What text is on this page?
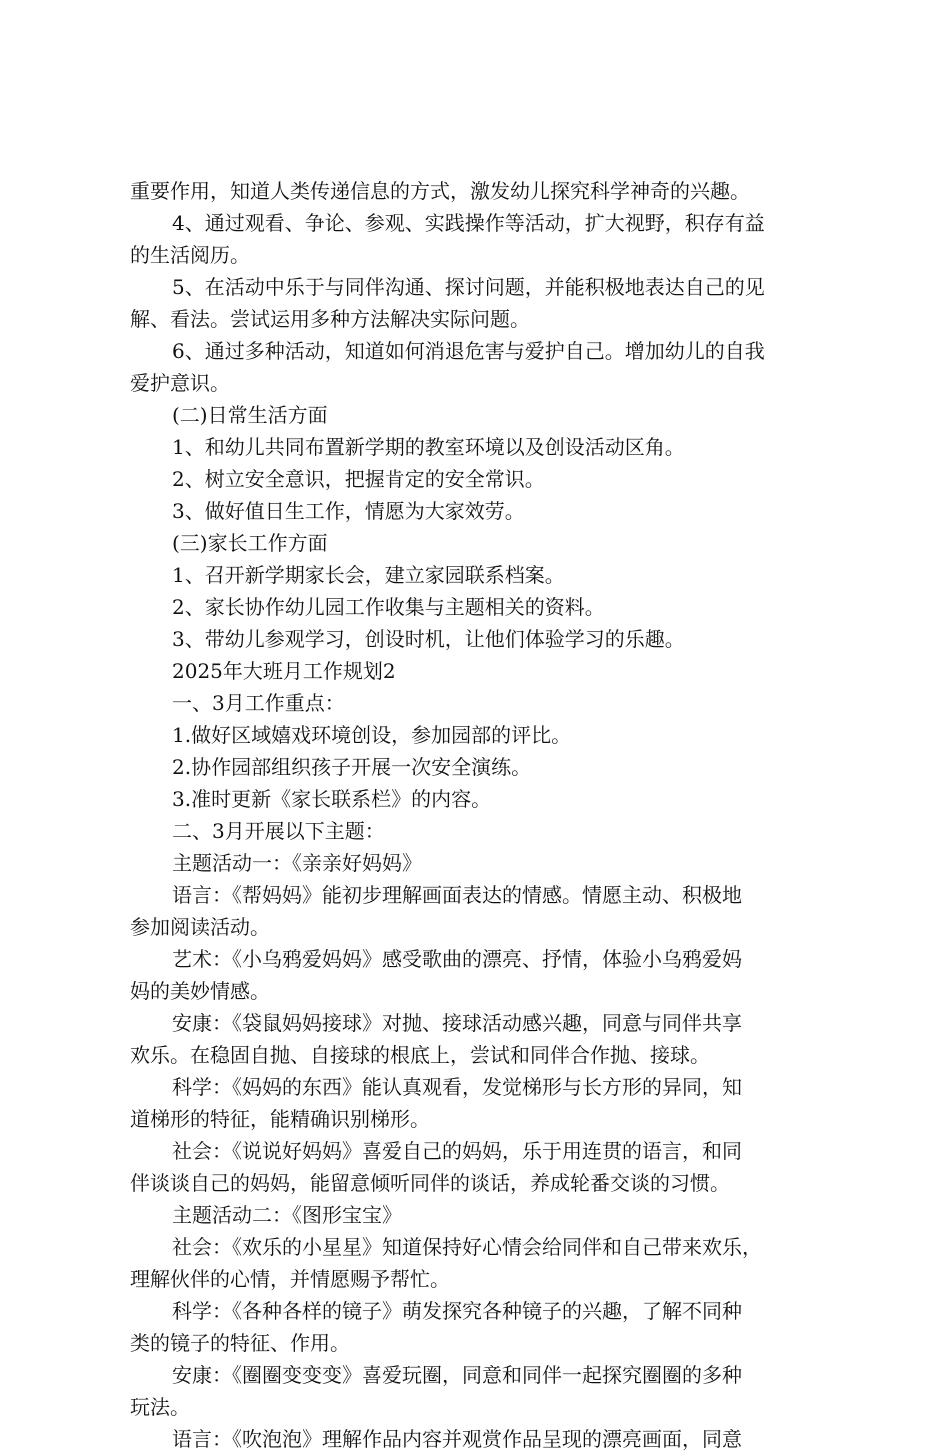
重要作用，知道人类传递信息的方式，激发幼儿探究科学神奇的兴趣。
4、通过观看、争论、参观、实践操作等活动，扩大视野，积存有益
的生活阅历。
5、在活动中乐于与同伴沟通、探讨问题，并能积极地表达自己的见
解、看法。尝试运用多种方法解决实际问题。
6、通过多种活动，知道如何消退危害与爱护自己。增加幼儿的自我
爱护意识。
(二)日常生活方面
1、和幼儿共同布置新学期的教室环境以及创设活动区角。
2、树立安全意识，把握肯定的安全常识。
3、做好值日生工作，情愿为大家效劳。
(三)家长工作方面
1、召开新学期家长会，建立家园联系档案。
2、家长协作幼儿园工作收集与主题相关的资料。
3、带幼儿参观学习，创设时机，让他们体验学习的乐趣。
2025年大班月工作规划2
一、3月工作重点：
1.做好区域嬉戏环境创设，参加园部的评比。
2.协作园部组织孩子开展一次安全演练。
3.准时更新《家长联系栏》的内容。
二、3月开展以下主题：
主题活动一：《亲亲好妈妈》
语言：《帮妈妈》能初步理解画面表达的情感。情愿主动、积极地
参加阅读活动。
艺术：《小乌鸦爱妈妈》感受歌曲的漂亮、抒情，体验小乌鸦爱妈
妈的美妙情感。
安康：《袋鼠妈妈接球》对抛、接球活动感兴趣，同意与同伴共享
欢乐。在稳固自抛、自接球的根底上，尝试和同伴合作抛、接球。
科学：《妈妈的东西》能认真观看，发觉梯形与长方形的异同，知
道梯形的特征，能精确识别梯形。
社会：《说说好妈妈》喜爱自己的妈妈，乐于用连贯的语言，和同
伴谈谈自己的妈妈，能留意倾听同伴的谈话，养成轮番交谈的习惯。
主题活动二：《图形宝宝》
社会：《欢乐的小星星》知道保持好心情会给同伴和自己带来欢乐，
理解伙伴的心情，并情愿赐予帮忙。
科学：《各种各样的镜子》萌发探究各种镜子的兴趣，了解不同种
类的镜子的特征、作用。
安康：《圈圈变变变》喜爱玩圈，同意和同伴一起探究圈圈的多种
玩法。
语言：《吹泡泡》理解作品内容并观赏作品呈现的漂亮画面，同意
